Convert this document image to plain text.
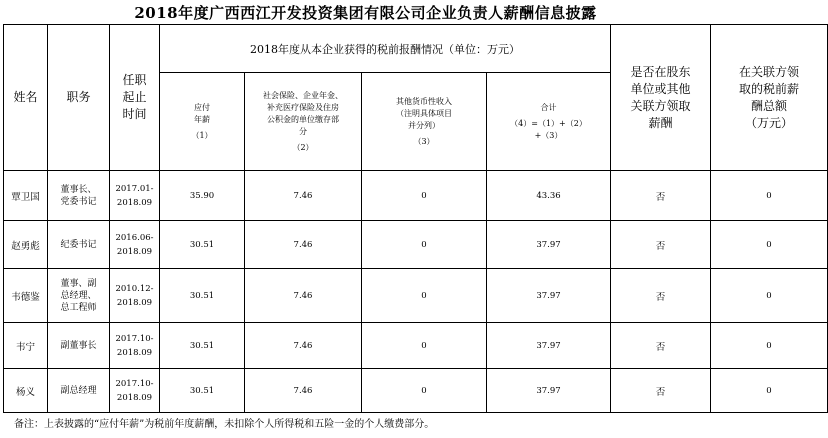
2018年度广西西江开发投资集团有限公司企业负责人薪酬信息披露
姓名	职务	任职
起止
时间	2018年度从本企业获得的税前报酬情况（单位：万元）				是否在股东
单位或其他
关联方领取
薪酬	在关联方领
取的税前薪
酬总额
（万元）
			应付
年薪
（1）	社会保险、企业年金、
补充医疗保险及住房
公积金的单位缴存部
分
（2）	其他货币性收入
（注明具体项目
并分列）
（3）	合计
（4）=（1）+（2）
+（3）		

覃卫国	董事长、
党委书记	2017.01-
2018.09	35.90	7.46	0	43.36	否	0
赵勇彪	纪委书记	2016.06-
2018.09	30.51	7.46	0	37.97	否	0
韦德鉴	董事、副
总经理、
总工程师	2010.12-
2018.09	30.51	7.46	0	37.97	否	0
韦宁	副董事长	2017.10-
2018.09	30.51	7.46	0	37.97	否	0
杨义	副总经理	2017.10-
2018.09	30.51	7.46	0	37.97	否	0
备注：上表披露的“应付年薪”为税前年度薪酬，未扣除个人所得税和五险一金的个人缴费部分。
